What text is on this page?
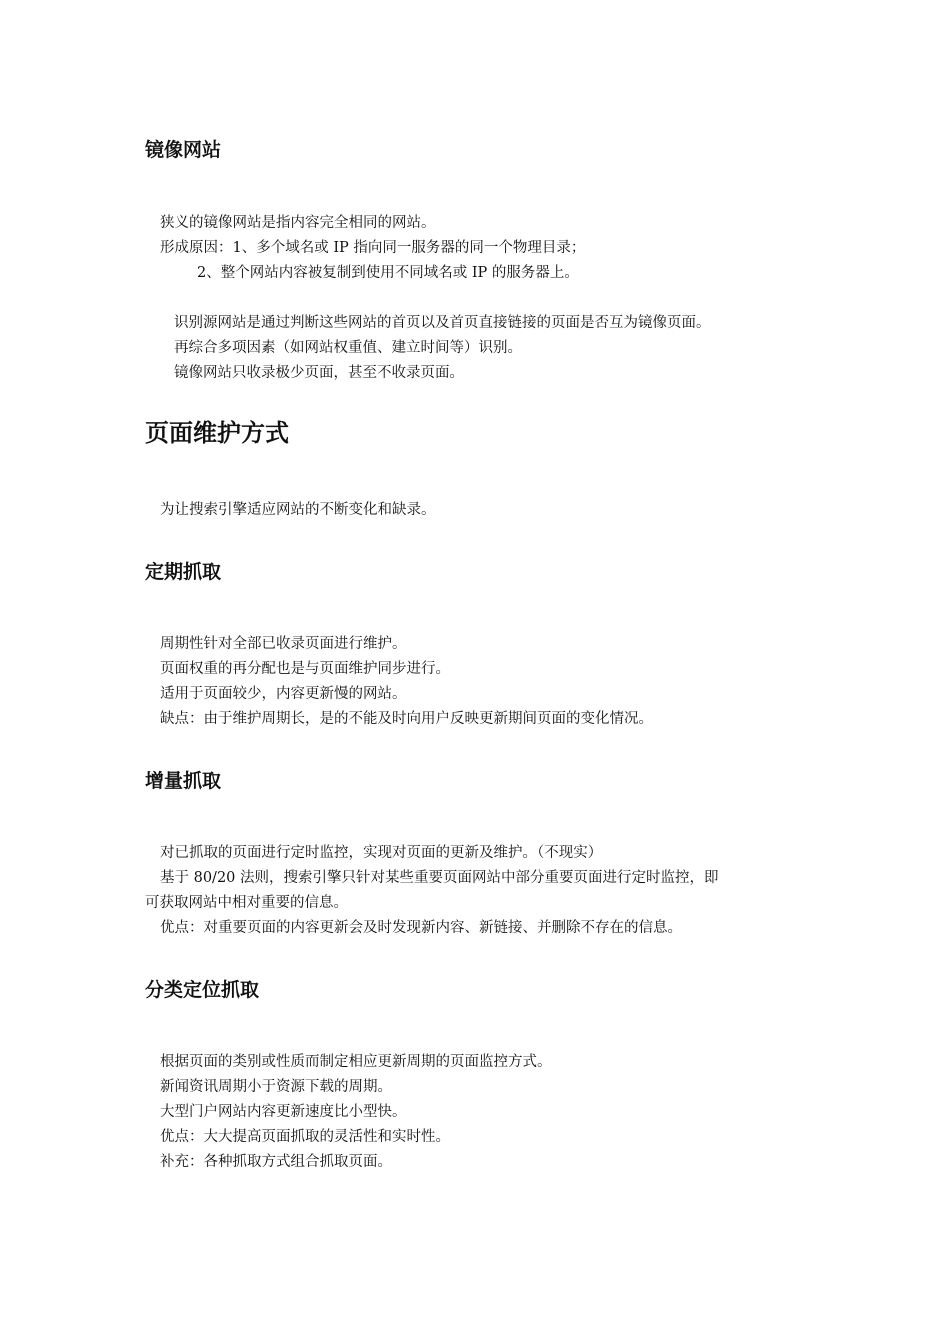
镜像网站
狭义的镜像网站是指内容完全相同的网站。
形成原因：1、多个域名或 IP 指向同一服务器的同一个物理目录；
2、整个网站内容被复制到使用不同域名或 IP 的服务器上。
识别源网站是通过判断这些网站的首页以及首页直接链接的页面是否互为镜像页面。
再综合多项因素（如网站权重值、建立时间等）识别。
镜像网站只收录极少页面，甚至不收录页面。
页面维护方式
为让搜索引擎适应网站的不断变化和缺录。
定期抓取
周期性针对全部已收录页面进行维护。
页面权重的再分配也是与页面维护同步进行。
适用于页面较少，内容更新慢的网站。
缺点：由于维护周期长，是的不能及时向用户反映更新期间页面的变化情况。
增量抓取
对已抓取的页面进行定时监控，实现对页面的更新及维护。（不现实）
基于 80/20 法则，搜索引擎只针对某些重要页面网站中部分重要页面进行定时监控，即
可获取网站中相对重要的信息。
优点：对重要页面的内容更新会及时发现新内容、新链接、并删除不存在的信息。
分类定位抓取
根据页面的类别或性质而制定相应更新周期的页面监控方式。
新闻资讯周期小于资源下载的周期。
大型门户网站内容更新速度比小型快。
优点：大大提高页面抓取的灵活性和实时性。
补充：各种抓取方式组合抓取页面。
